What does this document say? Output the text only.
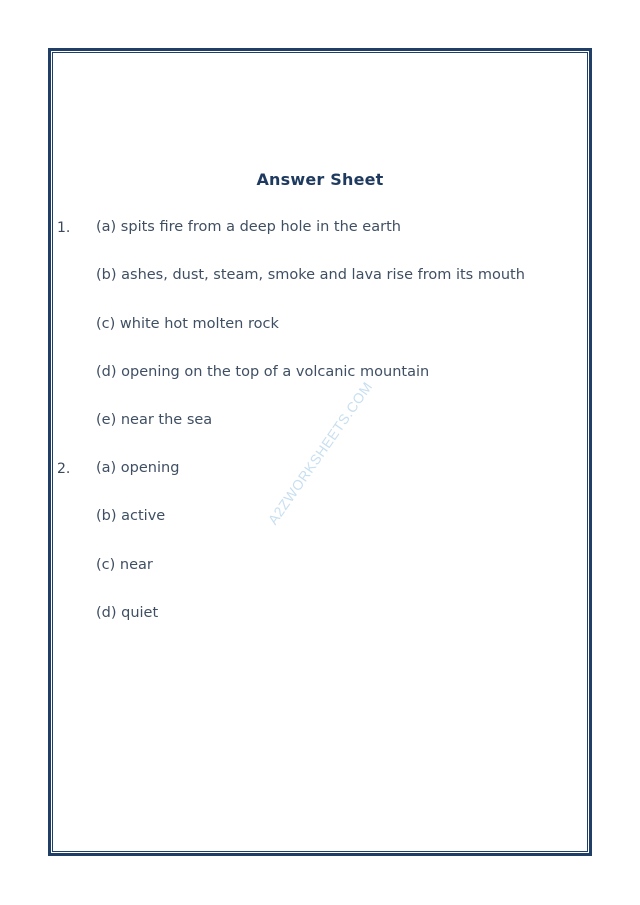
A2ZWORKSHEETS.COM
Answer Sheet
1. (a) spits fire from a deep hole in the earth
(b) ashes, dust, steam, smoke and lava rise from its mouth
(c) white hot molten rock
(d) opening on the top of a volcanic mountain
(e) near the sea
2. (a) opening
(b) active
(c) near
(d) quiet
